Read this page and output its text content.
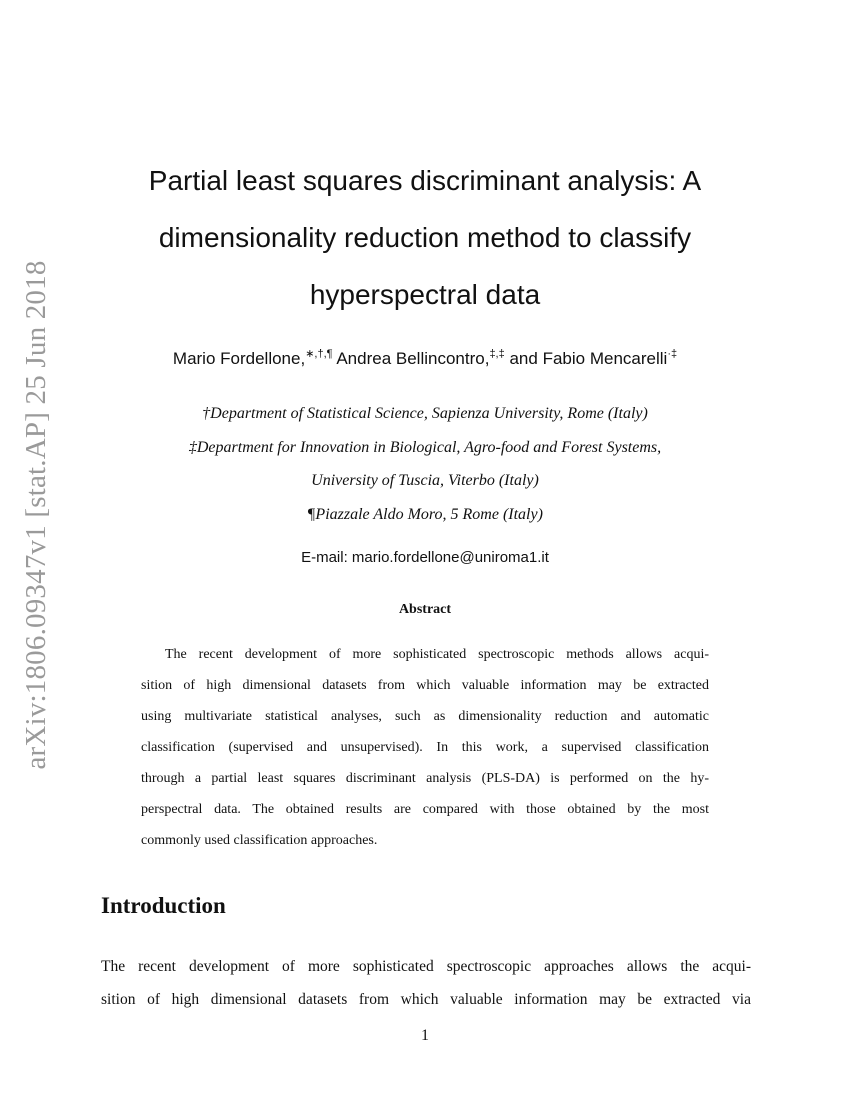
arXiv:1806.09347v1 [stat.AP] 25 Jun 2018
Partial least squares discriminant analysis: A
dimensionality reduction method to classify
hyperspectral data
Mario Fordellone,∗,†,¶ Andrea Bellincontro,‡,‡ and Fabio Mencarelli·‡
†Department of Statistical Science, Sapienza University, Rome (Italy)
‡Department for Innovation in Biological, Agro-food and Forest Systems,
University of Tuscia, Viterbo (Italy)
¶Piazzale Aldo Moro, 5 Rome (Italy)
E-mail: mario.fordellone@uniroma1.it
Abstract
The recent development of more sophisticated spectroscopic methods allows acqui-
sition of high dimensional datasets from which valuable information may be extracted
using multivariate statistical analyses, such as dimensionality reduction and automatic
classification (supervised and unsupervised). In this work, a supervised classification
through a partial least squares discriminant analysis (PLS-DA) is performed on the hy-
perspectral data. The obtained results are compared with those obtained by the most
commonly used classification approaches.
Introduction
The recent development of more sophisticated spectroscopic approaches allows the acqui-
sition of high dimensional datasets from which valuable information may be extracted via
1
